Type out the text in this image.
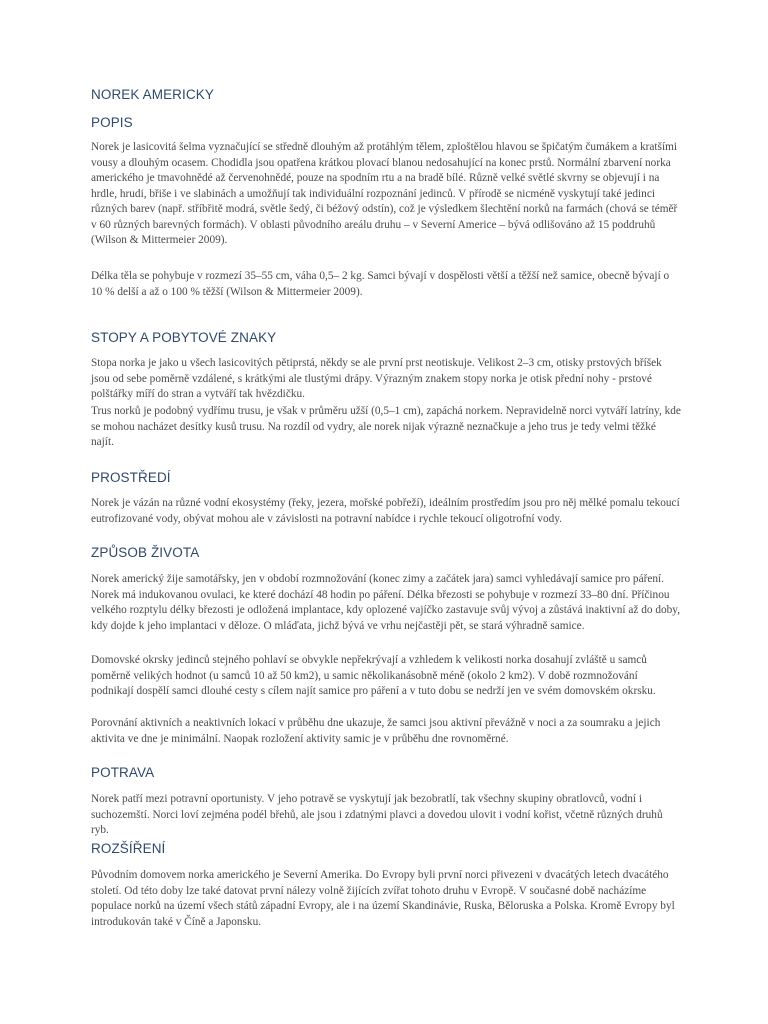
NOREK AMERICKY
POPIS

Norek je lasicovitá šelma vyznačující se středně dlouhým až protáhlým tělem, zploštělou hlavou se špičatým čumákem a kratšími vousy a dlouhým ocasem. Chodidla jsou opatřena krátkou plovací blanou nedosahující na konec prstů. Normální zbarvení norka amerického je tmavohnědé až červenohnědé, pouze na spodním rtu a na bradě bílé. Různě velké světlé skvrny se objevují i na hrdle, hrudi, břiše i ve slabinách a umožňují tak individuální rozpoznání jedinců. V přírodě se nicméně vyskytují také jedinci různých barev (např. stříbřitě modrá, světle šedý, či béžový odstín), což je výsledkem šlechtění norků na farmách (chová se téměř v 60 různých barevných formách). V oblasti původního areálu druhu – v Severní Americe – bývá odlišováno až 15 poddruhů (Wilson & Mittermeier 2009).

Délka těla se pohybuje v rozmezí 35–55 cm, váha 0,5– 2 kg. Samci bývají v dospělosti větší a těžší než samice, obecně bývají o 10 % delší a až o 100 % těžší (Wilson & Mittermeier 2009).

STOPY A POBYTOVÉ ZNAKY

Stopa norka je jako u všech lasicovitých pětiprstá, někdy se ale první prst neotiskuje. Velikost 2–3 cm, otisky prstových bříšek jsou od sebe poměrně vzdálené, s krátkými ale tlustými drápy. Výrazným znakem stopy norka je otisk přední nohy - prstové polštářky míří do stran a vytváří tak hvězdičku.

Trus norků je podobný vydřímu trusu, je však v průměru užší (0,5–1 cm), zapáchá norkem. Nepravidelně norci vytváří latríny, kde se mohou nacházet desítky kusů trusu. Na rozdíl od vydry, ale norek nijak výrazně neznačkuje a jeho trus je tedy velmi těžké najít.

PROSTŘEDÍ

Norek je vázán na různé vodní ekosystémy (řeky, jezera, mořské pobřeží), ideálním prostředím jsou pro něj mělké pomalu tekoucí eutrofizované vody, obývat mohou ale v závislosti na potravní nabídce i rychle tekoucí oligotrofní vody.

ZPŮSOB ŽIVOTA

Norek americký žije samotářsky, jen v období rozmnožování (konec zimy a začátek jara) samci vyhledávají samice pro páření. Norek má indukovanou ovulaci, ke které dochází 48 hodin po páření. Délka březosti se pohybuje v rozmezí 33–80 dní. Příčinou velkého rozptylu délky březosti je odložená implantace, kdy oplozené vajíčko zastavuje svůj vývoj a zůstává inaktivní až do doby, kdy dojde k jeho implantaci v děloze. O mláďata, jichž bývá ve vrhu nejčastěji pět, se stará výhradně samice.

Domovské okrsky jedinců stejného pohlaví se obvykle nepřekrývají a vzhledem k velikosti norka dosahují zvláště u samců poměrně velikých hodnot (u samců 10 až 50 km2), u samic několikanásobně méně (okolo 2 km2). V době rozmnožování podnikají dospělí samci dlouhé cesty s cílem najít samice pro páření a v tuto dobu se nedrží jen ve svém domovském okrsku.

Porovnání aktivních a neaktivních lokací v průběhu dne ukazuje, že samci jsou aktivní převážně v noci a za soumraku a jejich aktivita ve dne je minimální. Naopak rozložení aktivity samic je v průběhu dne rovnoměrné.

POTRAVA

Norek patří mezi potravní oportunisty. V jeho potravě se vyskytují jak bezobratlí, tak všechny skupiny obratlovců, vodní i suchozemští. Norci loví zejména podél břehů, ale jsou i zdatnými plavci a dovedou ulovit i vodní kořist, včetně různých druhů ryb.

ROZŠÍŘENÍ

Původním domovem norka amerického je Severní Amerika. Do Evropy byli první norci přivezeni v dvacátých letech dvacátého století. Od této doby lze také datovat první nálezy volně žijících zvířat tohoto druhu v Evropě. V současné době nacházíme populace norků na území všech států západní Evropy, ale i na území Skandinávie, Ruska, Běloruska a Polska. Kromě Evropy byl introdukován také v Číně a Japonsku.
